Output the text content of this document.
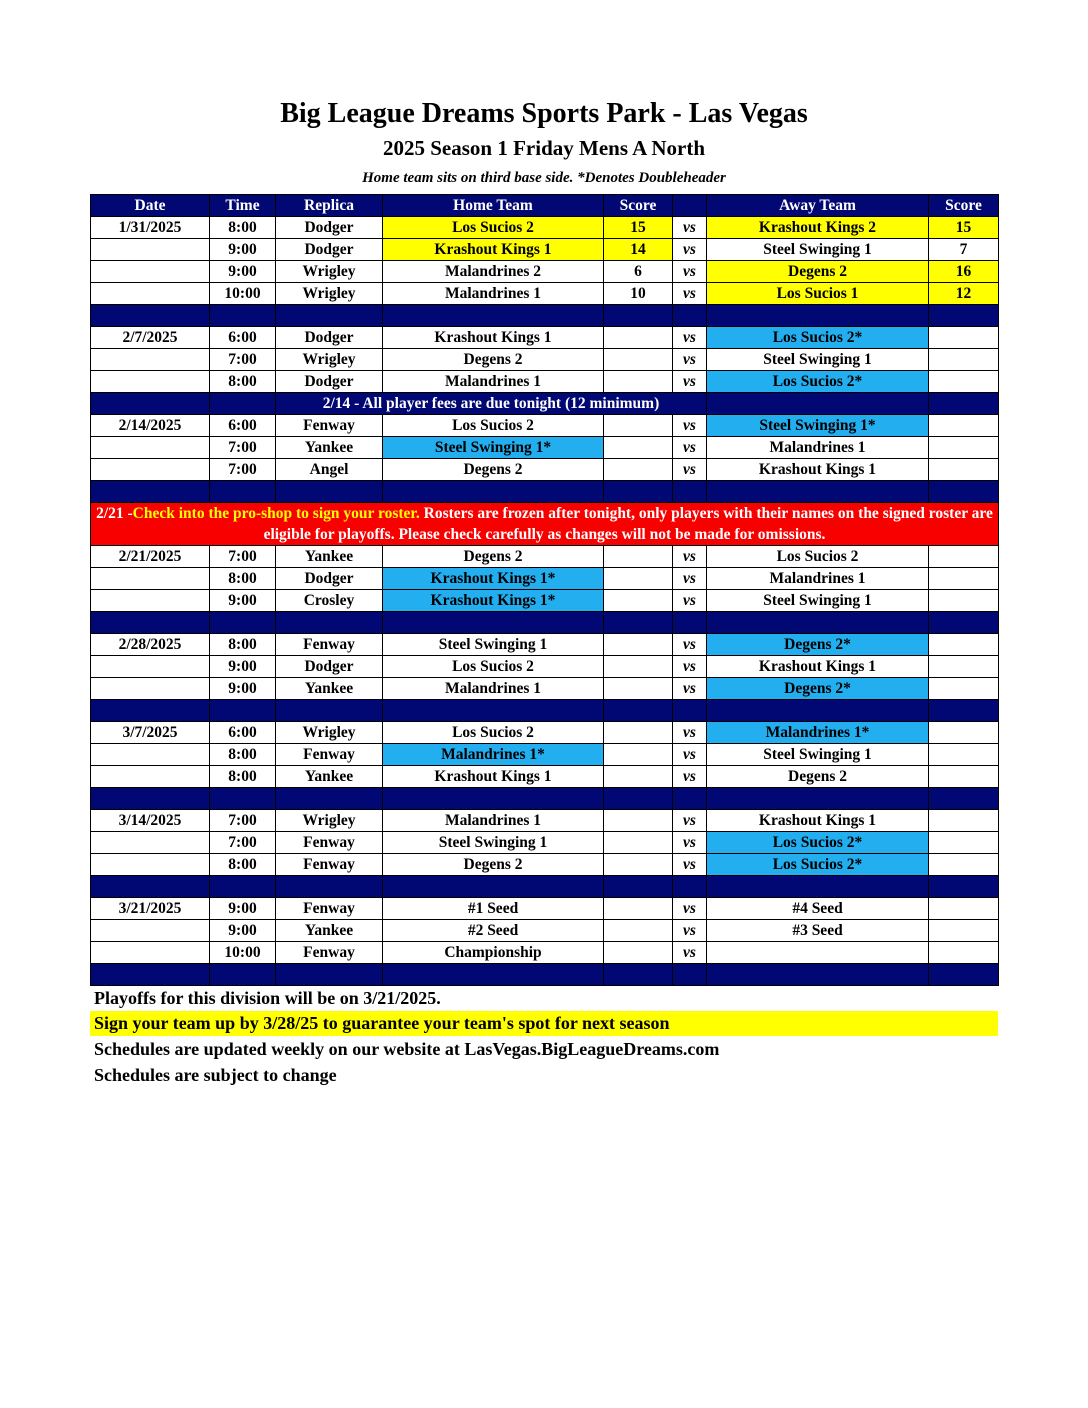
Big League Dreams Sports Park - Las Vegas
2025 Season 1 Friday Mens A North
Home team sits on third base side. *Denotes Doubleheader
Date	Time	Replica	Home Team	Score		Away Team	Score
1/31/2025	8:00	Dodger	Los Sucios 2	15	vs	Krashout Kings 2	15
	9:00	Dodger	Krashout Kings 1	14	vs	Steel Swinging 1	7
	9:00	Wrigley	Malandrines 2	6	vs	Degens 2	16
	10:00	Wrigley	Malandrines 1	10	vs	Los Sucios 1	12

2/7/2025	6:00	Dodger	Krashout Kings 1		vs	Los Sucios 2*	
	7:00	Wrigley	Degens 2		vs	Steel Swinging 1	
	8:00	Dodger	Malandrines 1		vs	Los Sucios 2*	
		2/14 - All player fees are due tonight (12 minimum)					
2/14/2025	6:00	Fenway	Los Sucios 2		vs	Steel Swinging 1*	
	7:00	Yankee	Steel Swinging 1*		vs	Malandrines 1	
	7:00	Angel	Degens 2		vs	Krashout Kings 1	

2/21 -Check into the pro-shop to sign your roster. Rosters are frozen after tonight, only players with their names on the signed roster are eligible for playoffs. Please check carefully as changes will not be made for omissions.							
2/21/2025	7:00	Yankee	Degens 2		vs	Los Sucios 2	
	8:00	Dodger	Krashout Kings 1*		vs	Malandrines 1	
	9:00	Crosley	Krashout Kings 1*		vs	Steel Swinging 1	

2/28/2025	8:00	Fenway	Steel Swinging 1		vs	Degens 2*	
	9:00	Dodger	Los Sucios 2		vs	Krashout Kings 1	
	9:00	Yankee	Malandrines 1		vs	Degens 2*	

3/7/2025	6:00	Wrigley	Los Sucios 2		vs	Malandrines 1*	
	8:00	Fenway	Malandrines 1*		vs	Steel Swinging 1	
	8:00	Yankee	Krashout Kings 1		vs	Degens 2	

3/14/2025	7:00	Wrigley	Malandrines 1		vs	Krashout Kings 1	
	7:00	Fenway	Steel Swinging 1		vs	Los Sucios 2*	
	8:00	Fenway	Degens 2		vs	Los Sucios 2*	

3/21/2025	9:00	Fenway	#1 Seed		vs	#4 Seed	
	9:00	Yankee	#2 Seed		vs	#3 Seed	
	10:00	Fenway	Championship		vs		

Playoffs for this division will be on 3/21/2025.
Sign your team up by 3/28/25 to guarantee your team's spot for next season
Schedules are updated weekly on our website at LasVegas.BigLeagueDreams.com
Schedules are subject to change
